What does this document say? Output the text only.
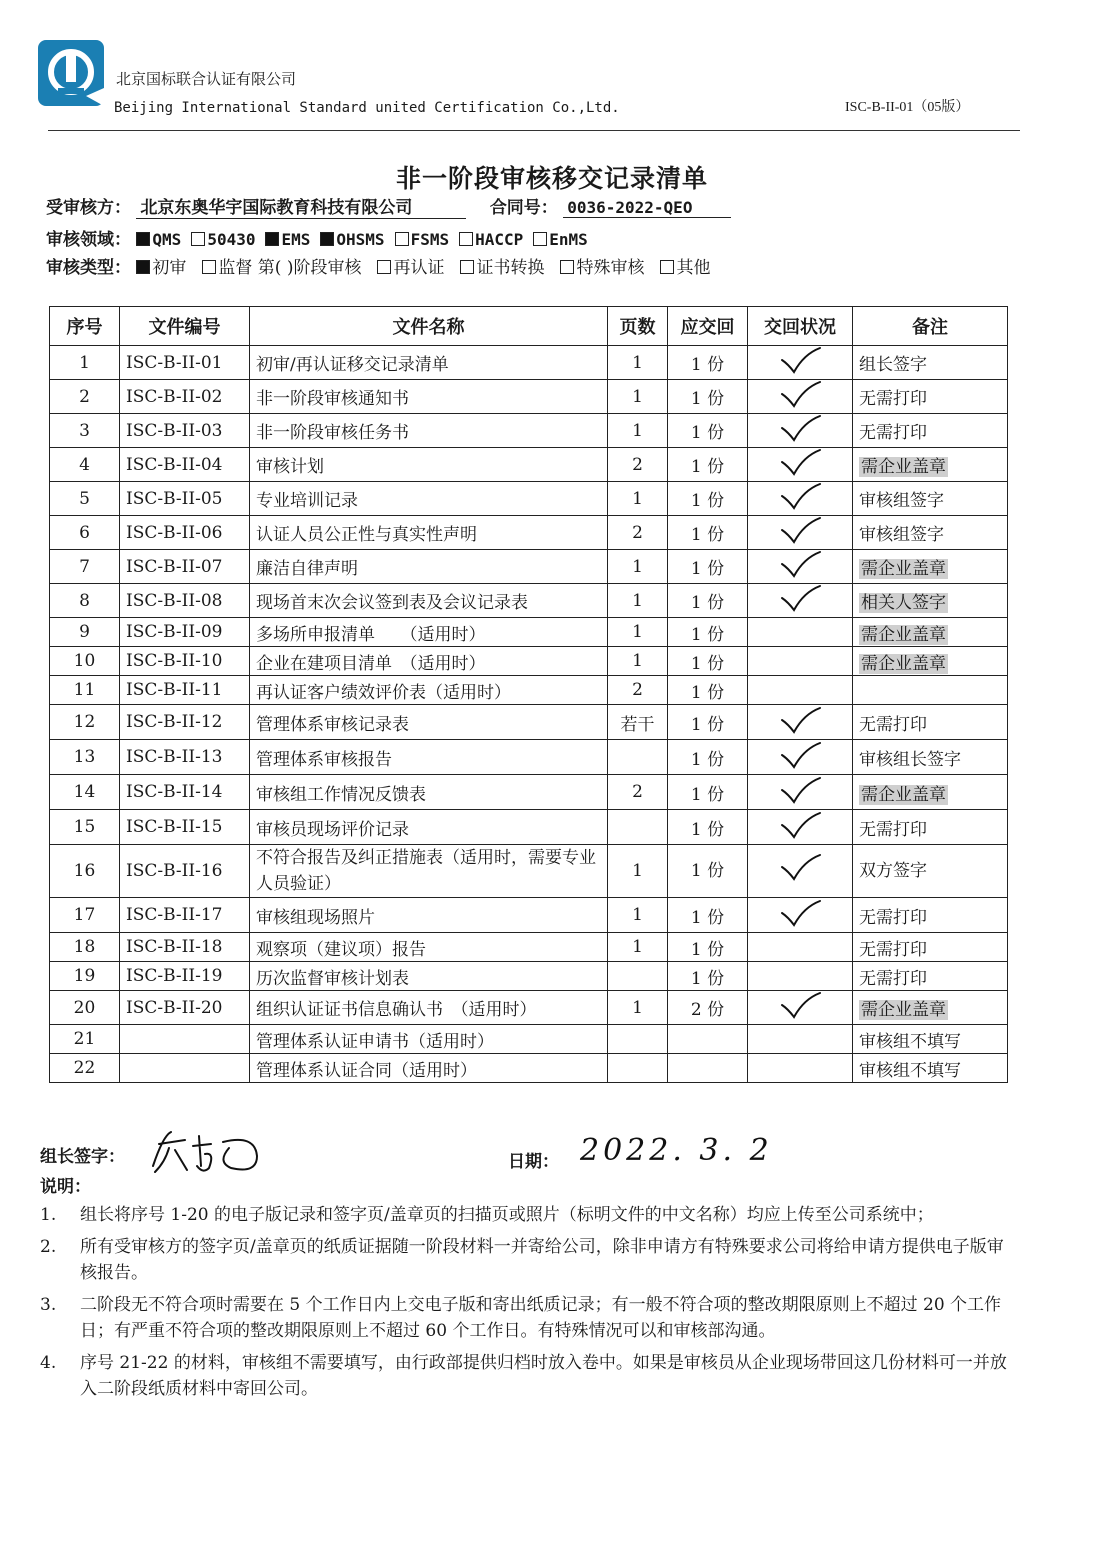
北京国标联合认证有限公司
Beijing International Standard united Certification Co.,Ltd.	ISC-B-II-01（05版）
非一阶段审核移交记录清单
受审核方： 北京东奥华宇国际教育科技有限公司	合同号： 0036-2022-QEO
审核领域： QMS 50430 EMS OHSMS FSMS HACCP EnMS
审核类型： 初审 监督 第( )阶段审核 再认证 证书转换 特殊审核 其他
序号	文件编号	文件名称	页数	应交回	交回状况	备注
1	ISC-B-II-01	初审/再认证移交记录清单	1	1 份		组长签字
2	ISC-B-II-02	非一阶段审核通知书	1	1 份		无需打印
3	ISC-B-II-03	非一阶段审核任务书	1	1 份		无需打印
4	ISC-B-II-04	审核计划	2	1 份		需企业盖章
5	ISC-B-II-05	专业培训记录	1	1 份		审核组签字
6	ISC-B-II-06	认证人员公正性与真实性声明	2	1 份		审核组签字
7	ISC-B-II-07	廉洁自律声明	1	1 份		需企业盖章
8	ISC-B-II-08	现场首末次会议签到表及会议记录表	1	1 份		相关人签字
9	ISC-B-II-09	多场所申报清单　　（适用时）	1	1 份		需企业盖章
10	ISC-B-II-10	企业在建项目清单　（适用时）	1	1 份		需企业盖章
11	ISC-B-II-11	再认证客户绩效评价表（适用时）	2	1 份		
12	ISC-B-II-12	管理体系审核记录表	若干	1 份		无需打印
13	ISC-B-II-13	管理体系审核报告		1 份		审核组长签字
14	ISC-B-II-14	审核组工作情况反馈表	2	1 份		需企业盖章
15	ISC-B-II-15	审核员现场评价记录		1 份		无需打印
16	ISC-B-II-16	不符合报告及纠正措施表（适用时，需要专业人员验证）	1	1 份		双方签字
17	ISC-B-II-17	审核组现场照片	1	1 份		无需打印
18	ISC-B-II-18	观察项（建议项）报告	1	1 份		无需打印
19	ISC-B-II-19	历次监督审核计划表		1 份		无需打印
20	ISC-B-II-20	组织认证证书信息确认书　（适用时）	1	2 份		需企业盖章
21		管理体系认证申请书（适用时）				审核组不填写
22		管理体系认证合同（适用时）				审核组不填写
组长签字：	日期： 2022. 3. 2
说明：
1.	组长将序号 1-20 的电子版记录和签字页/盖章页的扫描页或照片（标明文件的中文名称）均应上传至公司系统中；
2.	所有受审核方的签字页/盖章页的纸质证据随一阶段材料一并寄给公司，除非申请方有特殊要求公司将给申请方提供电子版审核报告。
3.	二阶段无不符合项时需要在 5 个工作日内上交电子版和寄出纸质记录；有一般不符合项的整改期限原则上不超过 20 个工作日；有严重不符合项的整改期限原则上不超过 60 个工作日。有特殊情况可以和审核部沟通。
4.	序号 21-22 的材料，审核组不需要填写，由行政部提供归档时放入卷中。如果是审核员从企业现场带回这几份材料可一并放入二阶段纸质材料中寄回公司。
